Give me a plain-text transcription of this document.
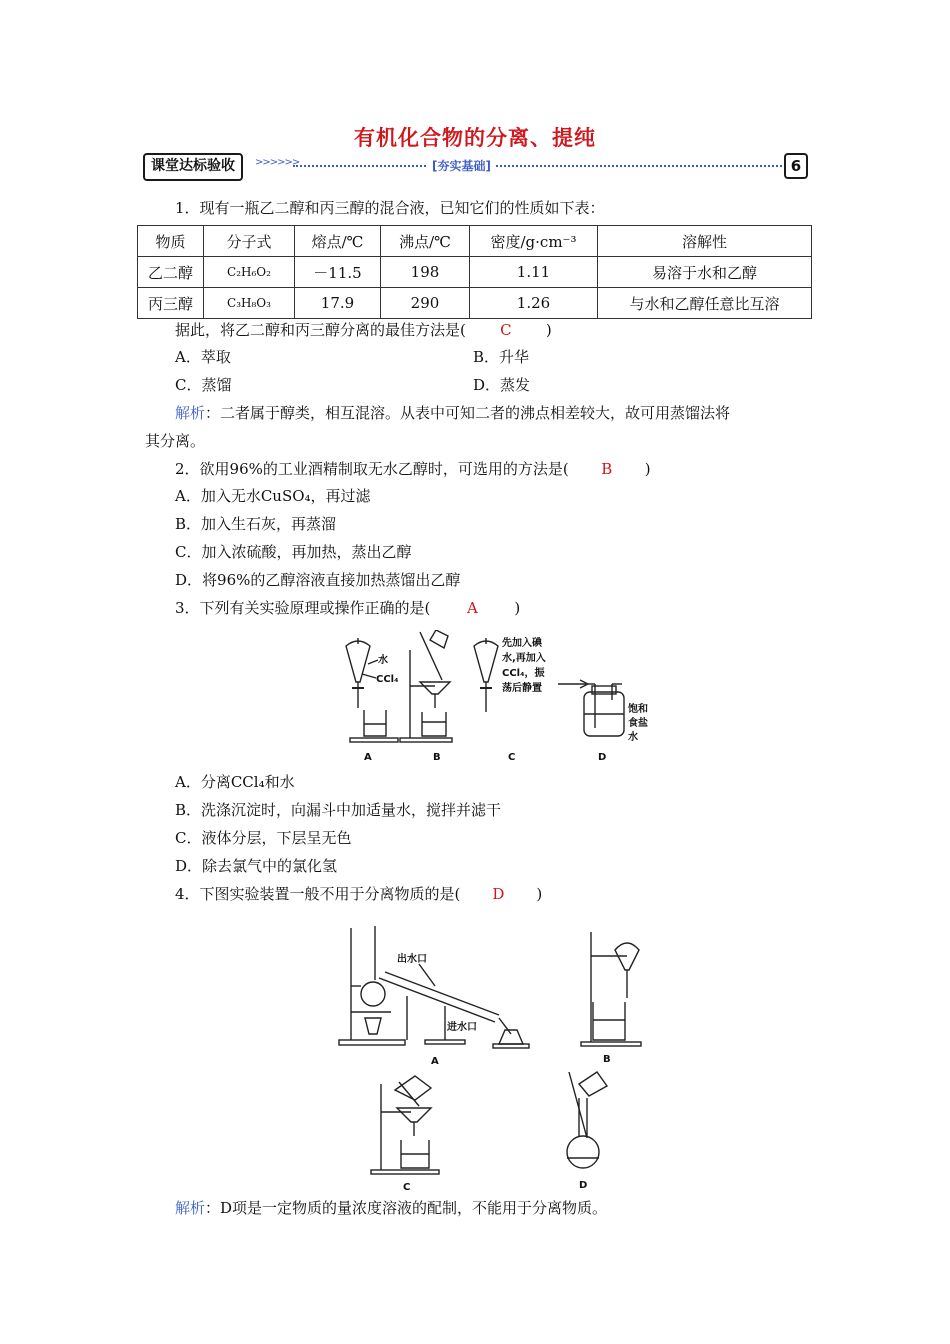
有机化合物的分离、提纯
课堂达标验收	>>>>>>	[夯实基础]	6
1．现有一瓶乙二醇和丙三醇的混合液，已知它们的性质如下表：
物质	分子式	熔点/℃	沸点/℃	密度/g·cm⁻³	溶解性
乙二醇	C₂H₆O₂	－11.5	198	1.11	易溶于水和乙醇
丙三醇	C₃H₈O₃	17.9	290	1.26	与水和乙醇任意比互溶
据此，将乙二醇和丙三醇分离的最佳方法是( C )
A．萃取	B．升华
C．蒸馏	D．蒸发
解析：二者属于醇类，相互混溶。从表中可知二者的沸点相差较大，故可用蒸馏法将
其分离。
2．欲用96%的工业酒精制取无水乙醇时，可选用的方法是( B )
A．加入无水CuSO₄，再过滤
B．加入生石灰，再蒸溜
C．加入浓硫酸，再加热，蒸出乙醇
D．将96%的乙醇溶液直接加热蒸馏出乙醇
3．下列有关实验原理或操作正确的是( A )
水
CCl₄
A	B
先加入碘
水,再加入
CCl₄，振
荡后静置
C
饱和
食盐
水
D
A．分离CCl₄和水
B．洗涤沉淀时，向漏斗中加适量水，搅拌并滤干
C．液体分层，下层呈无色
D．除去氯气中的氯化氢
4．下图实验装置一般不用于分离物质的是( D )
出水口
进水口
A	B
C	D
解析：D项是一定物质的量浓度溶液的配制，不能用于分离物质。
